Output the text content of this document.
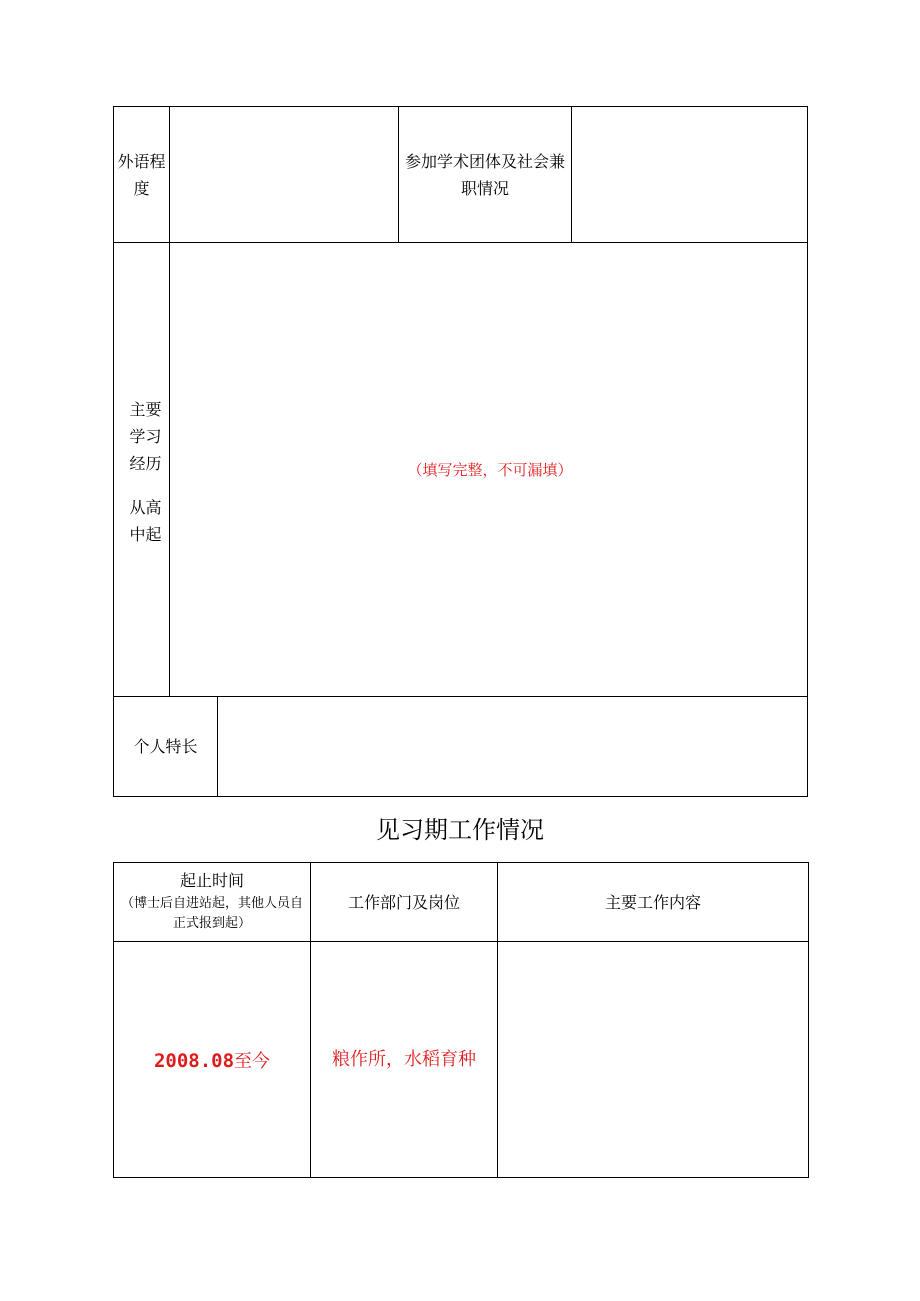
外语程
度
参加学术团体及社会兼
职情况
主要
学习
经历
从高
中起
（填写完整，不可漏填）
个人特长
见习期工作情况
起止时间
（博士后自进站起，其他人员自
正式报到起）
工作部门及岗位	主要工作内容
2008.08至今	粮作所，水稻育种
